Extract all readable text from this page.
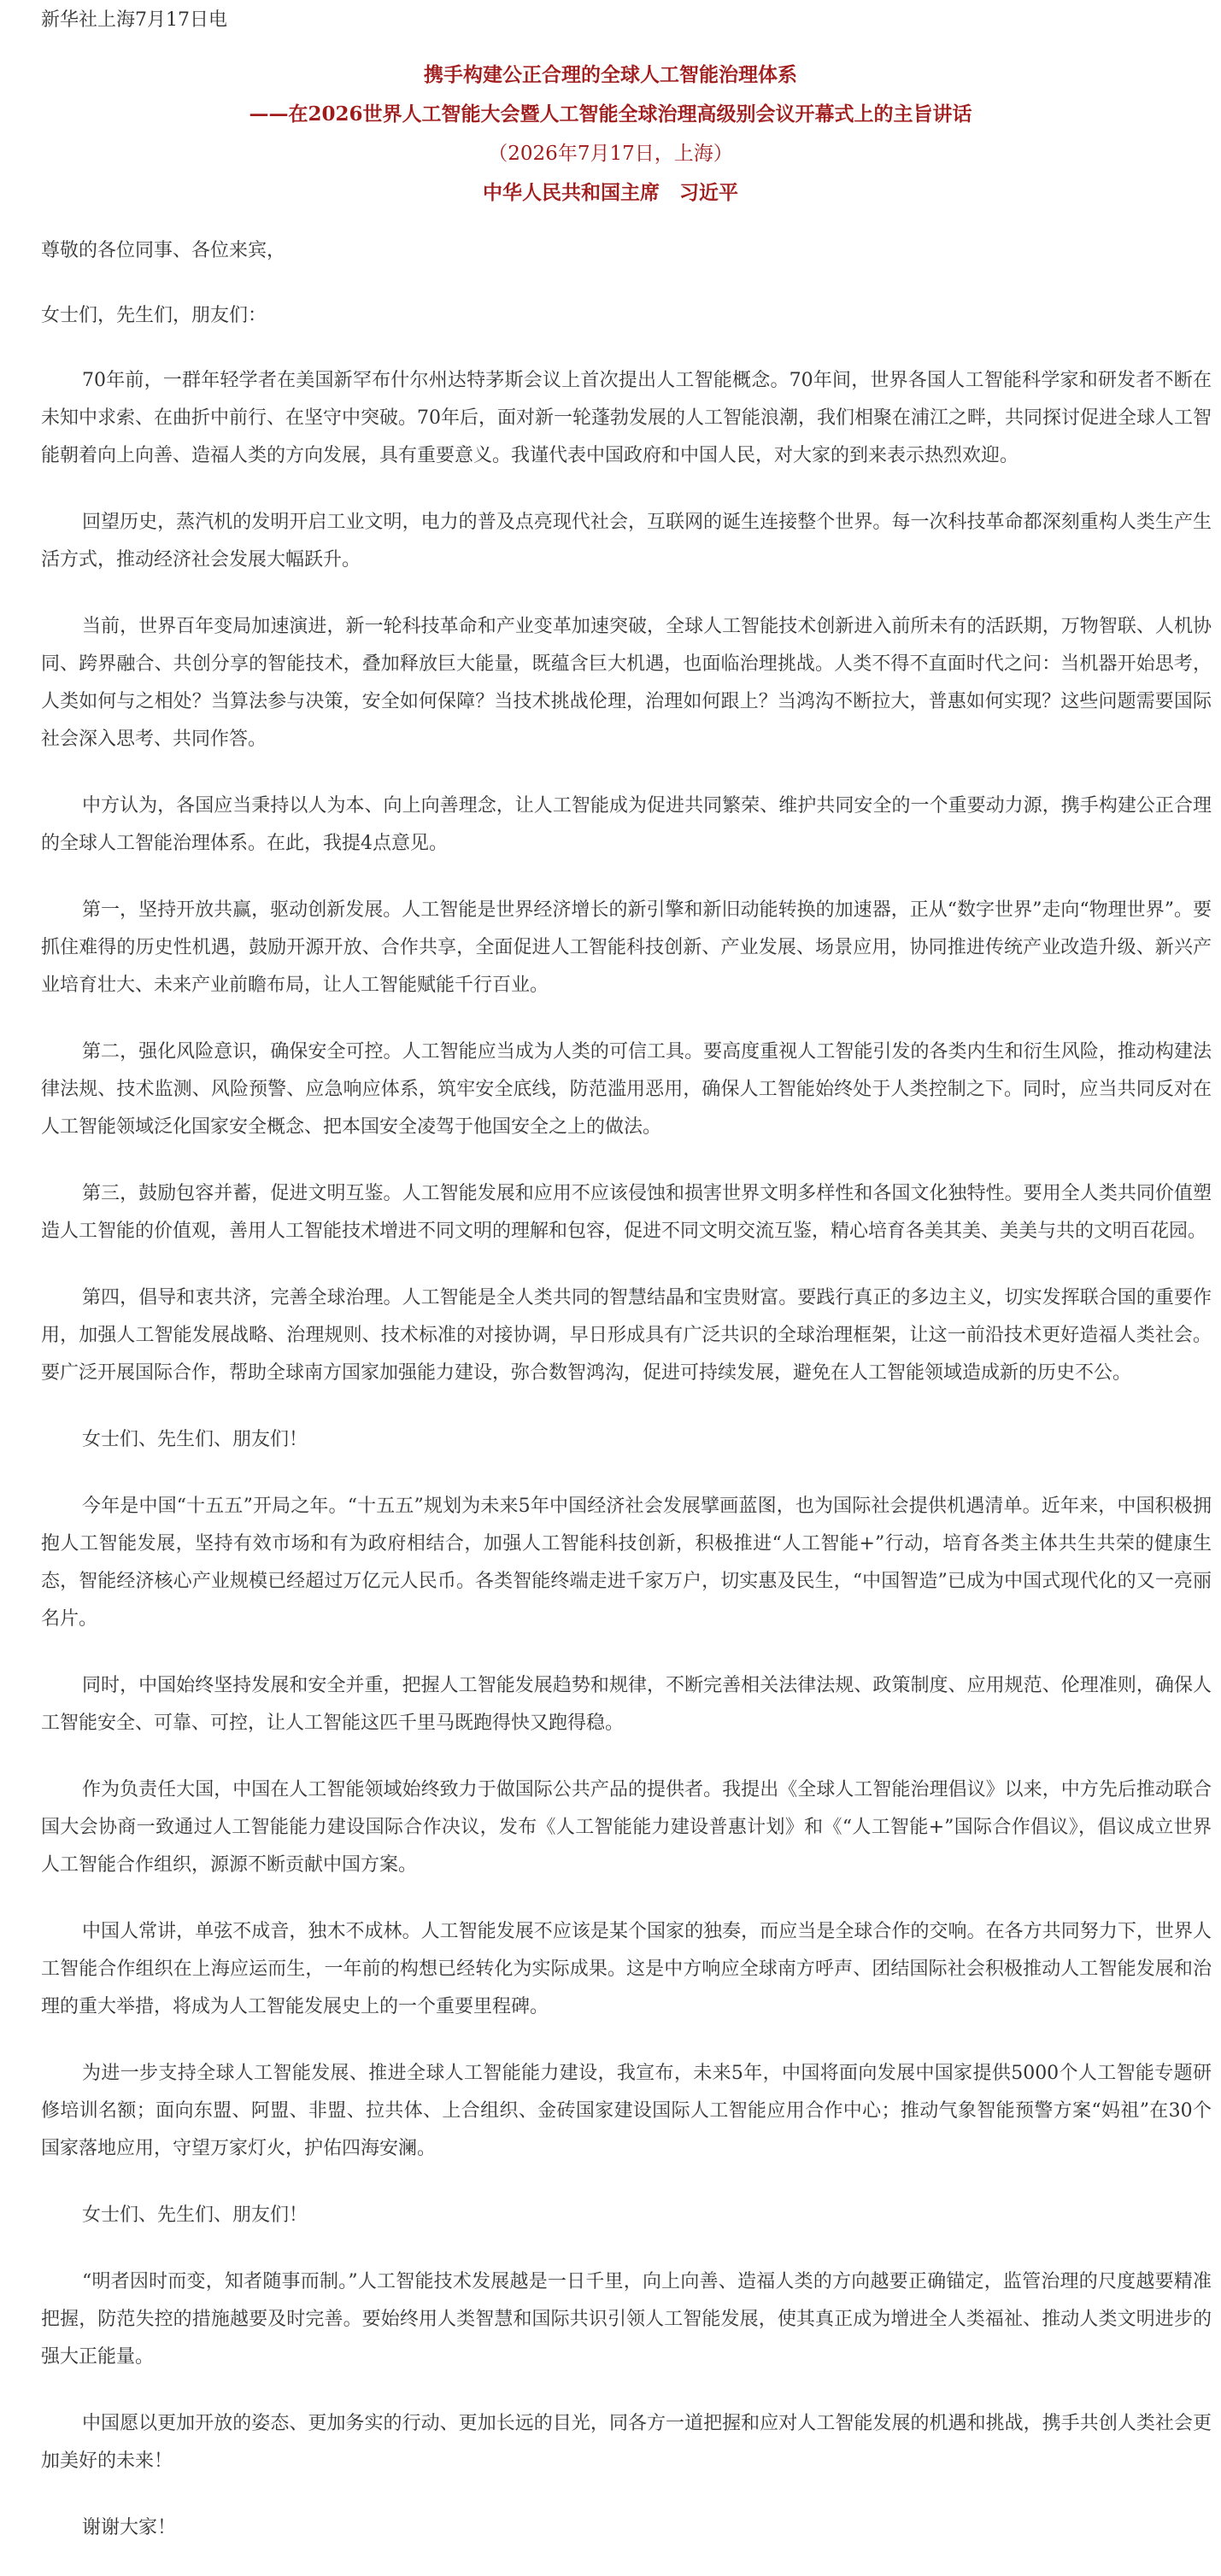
新华社上海7月17日电

携手构建公正合理的全球人工智能治理体系

——在2026世界人工智能大会暨人工智能全球治理高级别会议开幕式上的主旨讲话

（2026年7月17日，上海）

中华人民共和国主席　习近平

尊敬的各位同事、各位来宾，

女士们，先生们，朋友们：

70年前，一群年轻学者在美国新罕布什尔州达特茅斯会议上首次提出人工智能概念。70年间，世界各国人工智能科学家和研发者不断在未知中求索、在曲折中前行、在坚守中突破。70年后，面对新一轮蓬勃发展的人工智能浪潮，我们相聚在浦江之畔，共同探讨促进全球人工智能朝着向上向善、造福人类的方向发展，具有重要意义。我谨代表中国政府和中国人民，对大家的到来表示热烈欢迎。

回望历史，蒸汽机的发明开启工业文明，电力的普及点亮现代社会，互联网的诞生连接整个世界。每一次科技革命都深刻重构人类生产生活方式，推动经济社会发展大幅跃升。

当前，世界百年变局加速演进，新一轮科技革命和产业变革加速突破，全球人工智能技术创新进入前所未有的活跃期，万物智联、人机协同、跨界融合、共创分享的智能技术，叠加释放巨大能量，既蕴含巨大机遇，也面临治理挑战。人类不得不直面时代之问：当机器开始思考，人类如何与之相处？当算法参与决策，安全如何保障？当技术挑战伦理，治理如何跟上？当鸿沟不断拉大，普惠如何实现？这些问题需要国际社会深入思考、共同作答。

中方认为，各国应当秉持以人为本、向上向善理念，让人工智能成为促进共同繁荣、维护共同安全的一个重要动力源，携手构建公正合理的全球人工智能治理体系。在此，我提4点意见。

第一，坚持开放共赢，驱动创新发展。人工智能是世界经济增长的新引擎和新旧动能转换的加速器，正从“数字世界”走向“物理世界”。要抓住难得的历史性机遇，鼓励开源开放、合作共享，全面促进人工智能科技创新、产业发展、场景应用，协同推进传统产业改造升级、新兴产业培育壮大、未来产业前瞻布局，让人工智能赋能千行百业。

第二，强化风险意识，确保安全可控。人工智能应当成为人类的可信工具。要高度重视人工智能引发的各类内生和衍生风险，推动构建法律法规、技术监测、风险预警、应急响应体系，筑牢安全底线，防范滥用恶用，确保人工智能始终处于人类控制之下。同时，应当共同反对在人工智能领域泛化国家安全概念、把本国安全凌驾于他国安全之上的做法。

第三，鼓励包容并蓄，促进文明互鉴。人工智能发展和应用不应该侵蚀和损害世界文明多样性和各国文化独特性。要用全人类共同价值塑造人工智能的价值观，善用人工智能技术增进不同文明的理解和包容，促进不同文明交流互鉴，精心培育各美其美、美美与共的文明百花园。

第四，倡导和衷共济，完善全球治理。人工智能是全人类共同的智慧结晶和宝贵财富。要践行真正的多边主义，切实发挥联合国的重要作用，加强人工智能发展战略、治理规则、技术标准的对接协调，早日形成具有广泛共识的全球治理框架，让这一前沿技术更好造福人类社会。要广泛开展国际合作，帮助全球南方国家加强能力建设，弥合数智鸿沟，促进可持续发展，避免在人工智能领域造成新的历史不公。

女士们、先生们、朋友们！

今年是中国“十五五”开局之年。“十五五”规划为未来5年中国经济社会发展擘画蓝图，也为国际社会提供机遇清单。近年来，中国积极拥抱人工智能发展，坚持有效市场和有为政府相结合，加强人工智能科技创新，积极推进“人工智能+”行动，培育各类主体共生共荣的健康生态，智能经济核心产业规模已经超过万亿元人民币。各类智能终端走进千家万户，切实惠及民生，“中国智造”已成为中国式现代化的又一亮丽名片。

同时，中国始终坚持发展和安全并重，把握人工智能发展趋势和规律，不断完善相关法律法规、政策制度、应用规范、伦理准则，确保人工智能安全、可靠、可控，让人工智能这匹千里马既跑得快又跑得稳。

作为负责任大国，中国在人工智能领域始终致力于做国际公共产品的提供者。我提出《全球人工智能治理倡议》以来，中方先后推动联合国大会协商一致通过人工智能能力建设国际合作决议，发布《人工智能能力建设普惠计划》和《“人工智能+”国际合作倡议》，倡议成立世界人工智能合作组织，源源不断贡献中国方案。

中国人常讲，单弦不成音，独木不成林。人工智能发展不应该是某个国家的独奏，而应当是全球合作的交响。在各方共同努力下，世界人工智能合作组织在上海应运而生，一年前的构想已经转化为实际成果。这是中方响应全球南方呼声、团结国际社会积极推动人工智能发展和治理的重大举措，将成为人工智能发展史上的一个重要里程碑。

为进一步支持全球人工智能发展、推进全球人工智能能力建设，我宣布，未来5年，中国将面向发展中国家提供5000个人工智能专题研修培训名额；面向东盟、阿盟、非盟、拉共体、上合组织、金砖国家建设国际人工智能应用合作中心；推动气象智能预警方案“妈祖”在30个国家落地应用，守望万家灯火，护佑四海安澜。

女士们、先生们、朋友们！

“明者因时而变，知者随事而制。”人工智能技术发展越是一日千里，向上向善、造福人类的方向越要正确锚定，监管治理的尺度越要精准把握，防范失控的措施越要及时完善。要始终用人类智慧和国际共识引领人工智能发展，使其真正成为增进全人类福祉、推动人类文明进步的强大正能量。

中国愿以更加开放的姿态、更加务实的行动、更加长远的目光，同各方一道把握和应对人工智能发展的机遇和挑战，携手共创人类社会更加美好的未来！

谢谢大家！
